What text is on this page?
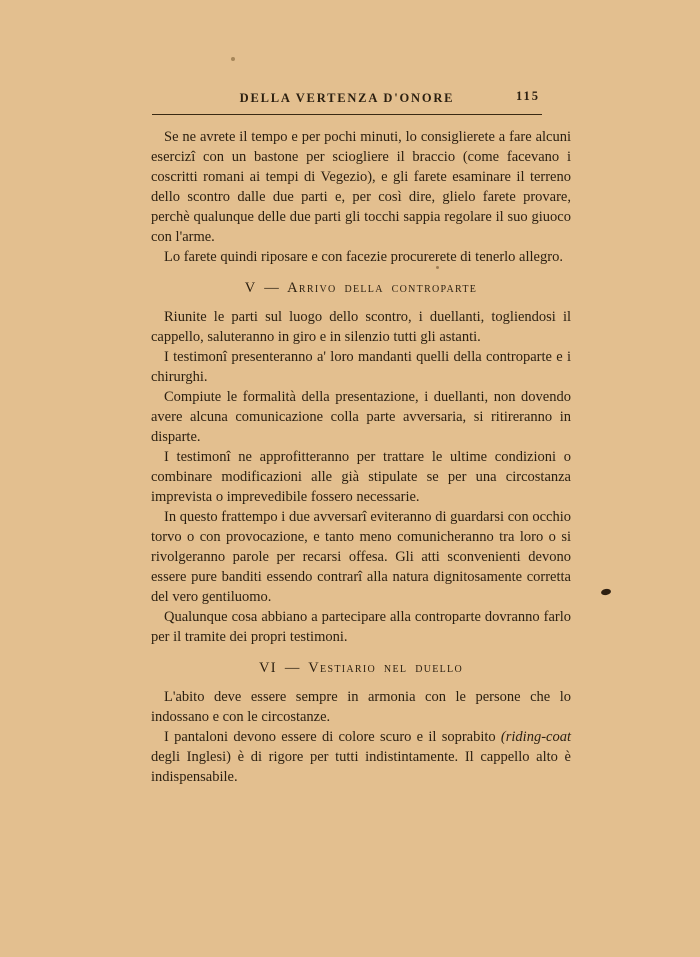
DELLA VERTENZA D'ONORE	115

Se ne avrete il tempo e per pochi minuti, lo consiglierete a fare alcuni esercizî con un bastone per sciogliere il braccio (come facevano i coscritti romani ai tempi di Vegezio), e gli farete esaminare il terreno dello scontro dalle due parti e, per così dire, glielo farete provare, perchè qualunque delle due parti gli tocchi sappia regolare il suo giuoco con l'arme.

Lo farete quindi riposare e con facezie procurerete di tenerlo allegro.

V — Arrivo della controparte

Riunite le parti sul luogo dello scontro, i duellanti, togliendosi il cappello, saluteranno in giro e in silenzio tutti gli astanti.

I testimonî presenteranno a' loro mandanti quelli della controparte e i chirurghi.

Compiute le formalità della presentazione, i duellanti, non dovendo avere alcuna comunicazione colla parte avversaria, si ritireranno in disparte.

I testimonî ne approfitteranno per trattare le ultime condizioni o combinare modificazioni alle già stipulate se per una circostanza imprevista o imprevedibile fossero necessarie.

In questo frattempo i due avversarî eviteranno di guardarsi con occhio torvo o con provocazione, e tanto meno comunicheranno tra loro o si rivolgeranno parole per recarsi offesa. Gli atti sconvenienti devono essere pure banditi essendo contrarî alla natura dignitosamente corretta del vero gentiluomo.

Qualunque cosa abbiano a partecipare alla controparte dovranno farlo per il tramite dei propri testimoni.

VI — Vestiario nel duello

L'abito deve essere sempre in armonia con le persone che lo indossano e con le circostanze.

I pantaloni devono essere di colore scuro e il soprabito (riding-coat degli Inglesi) è di rigore per tutti indistintamente. Il cappello alto è indispensabile.
